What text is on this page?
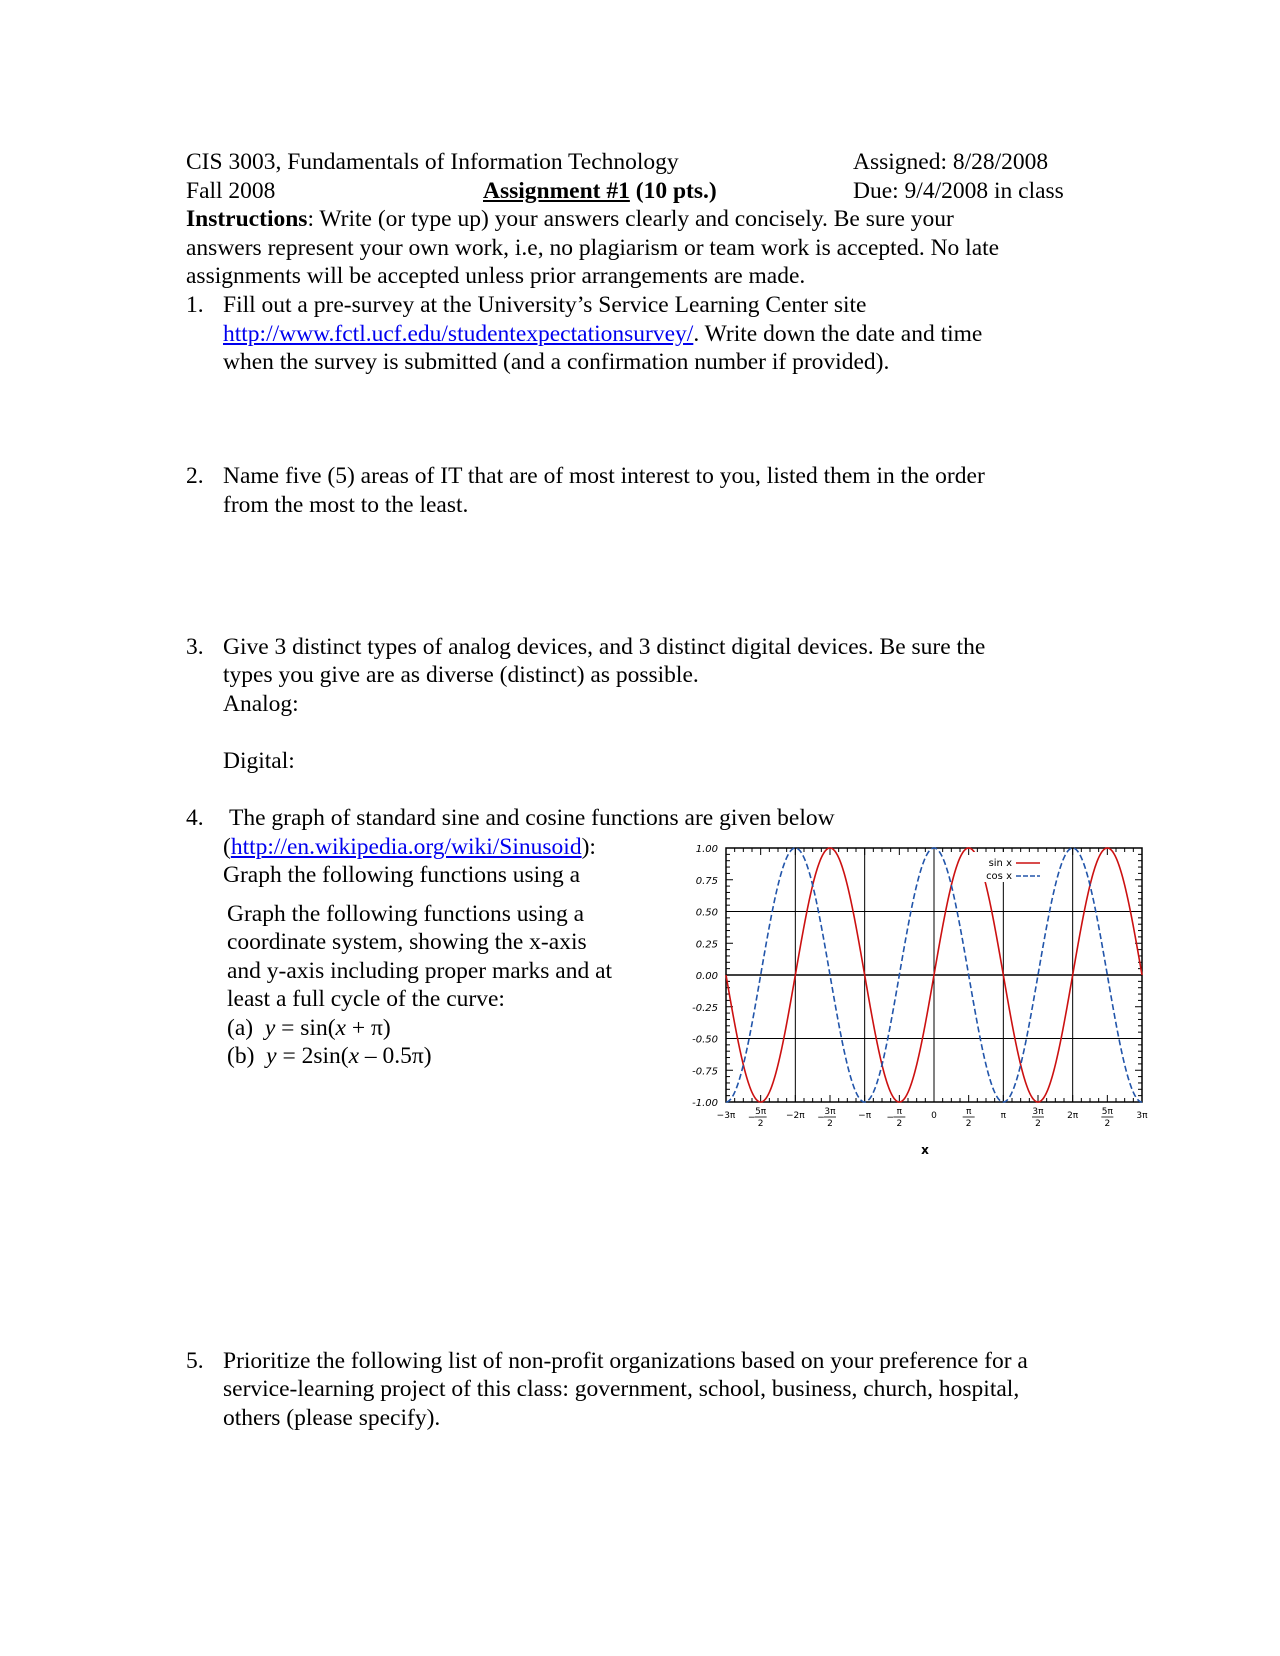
CIS 3003, Fundamentals of Information Technology	Assigned: 8/28/2008
Fall 2008	Assignment #1 (10 pts.)	Due: 9/4/2008 in class
Instructions: Write (or type up) your answers clearly and concisely. Be sure your
answers represent your own work, i.e, no plagiarism or team work is accepted. No late
assignments will be accepted unless prior arrangements are made.
1. Fill out a pre-survey at the University’s Service Learning Center site
http://www.fctl.ucf.edu/studentexpectationsurvey/. Write down the date and time
when the survey is submitted (and a confirmation number if provided).
2. Name five (5) areas of IT that are of most interest to you, listed them in the order
from the most to the least.
3. Give 3 distinct types of analog devices, and 3 distinct digital devices. Be sure the
types you give are as diverse (distinct) as possible.
Analog:
Digital:
4. The graph of standard sine and cosine functions are given below
(http://en.wikipedia.org/wiki/Sinusoid):
Graph the following functions using a
Graph the following functions using a
coordinate system, showing the x-axis
and y-axis including proper marks and at
least a full cycle of the curve:
(a) y = sin(x + π)
(b) y = 2sin(x – 0.5π)
1.00
0.75
0.50
0.25
0.00
-0.25
-0.50
-0.75
-1.00
−3π −
5π
2
−2π −
3π
2
−π −
π
2
0	π
2
π	3π
2
2π	5π
2
3π
sin x
cos x
x
5. Prioritize the following list of non-profit organizations based on your preference for a
service-learning project of this class: government, school, business, church, hospital,
others (please specify).
